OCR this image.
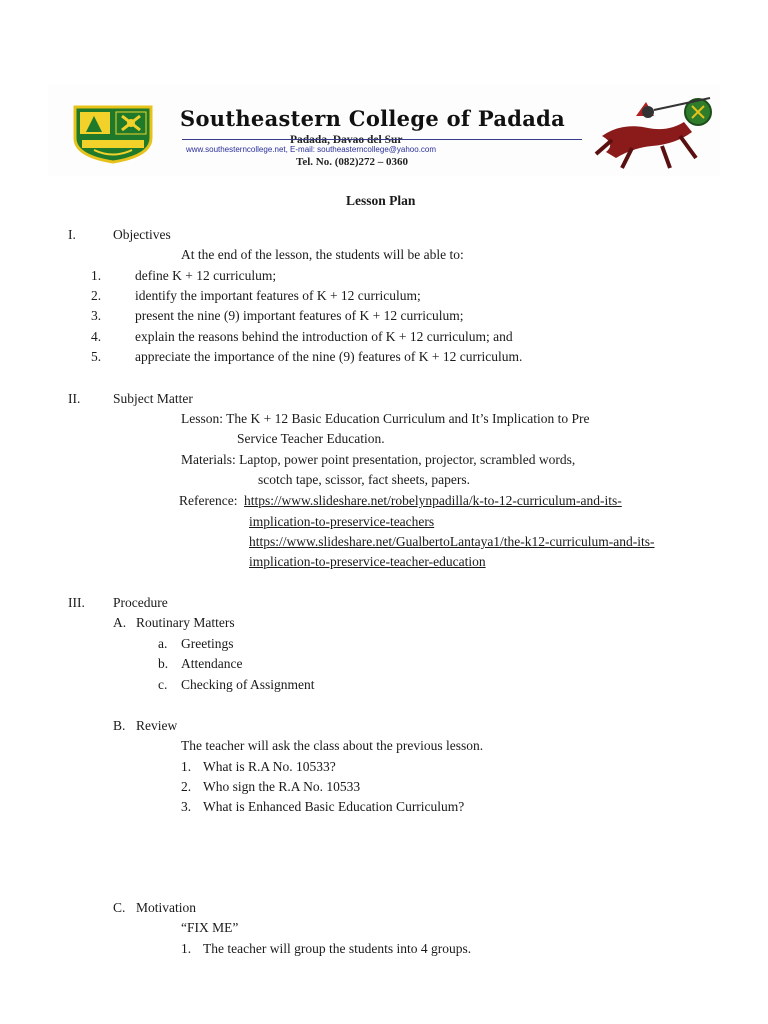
Southeastern College of Padada
Padada, Davao del Sur
www.southesterncollege.net, E-mail: southeasterncollege@yahoo.com
Tel. No. (082)272 – 0360
Lesson Plan
I.	Objectives
At the end of the lesson, the students will be able to:
1.	define K + 12 curriculum;
2.	identify the important features of K + 12 curriculum;
3.	present the nine (9) important features of K + 12 curriculum;
4.	explain the reasons behind the introduction of K + 12 curriculum; and
5.	appreciate the importance of the nine (9) features of K + 12 curriculum.
II. Subject Matter
Lesson: The K + 12 Basic Education Curriculum and It’s Implication to Pre
Service Teacher Education.
Materials: Laptop, power point presentation, projector, scrambled words,
scotch tape, scissor, fact sheets, papers.
Reference: https://www.slideshare.net/robelynpadilla/k-to-12-curriculum-and-its-
implication-to-preservice-teachers
https://www.slideshare.net/GualbertoLantaya1/the-k12-curriculum-and-its-
implication-to-preservice-teacher-education
III. Procedure
A. Routinary Matters
a. Greetings
b. Attendance
c. Checking of Assignment
B. Review
The teacher will ask the class about the previous lesson.
1. What is R.A No. 10533?
2. Who sign the R.A No. 10533
3. What is Enhanced Basic Education Curriculum?
C. Motivation
“FIX ME”
1. The teacher will group the students into 4 groups.
